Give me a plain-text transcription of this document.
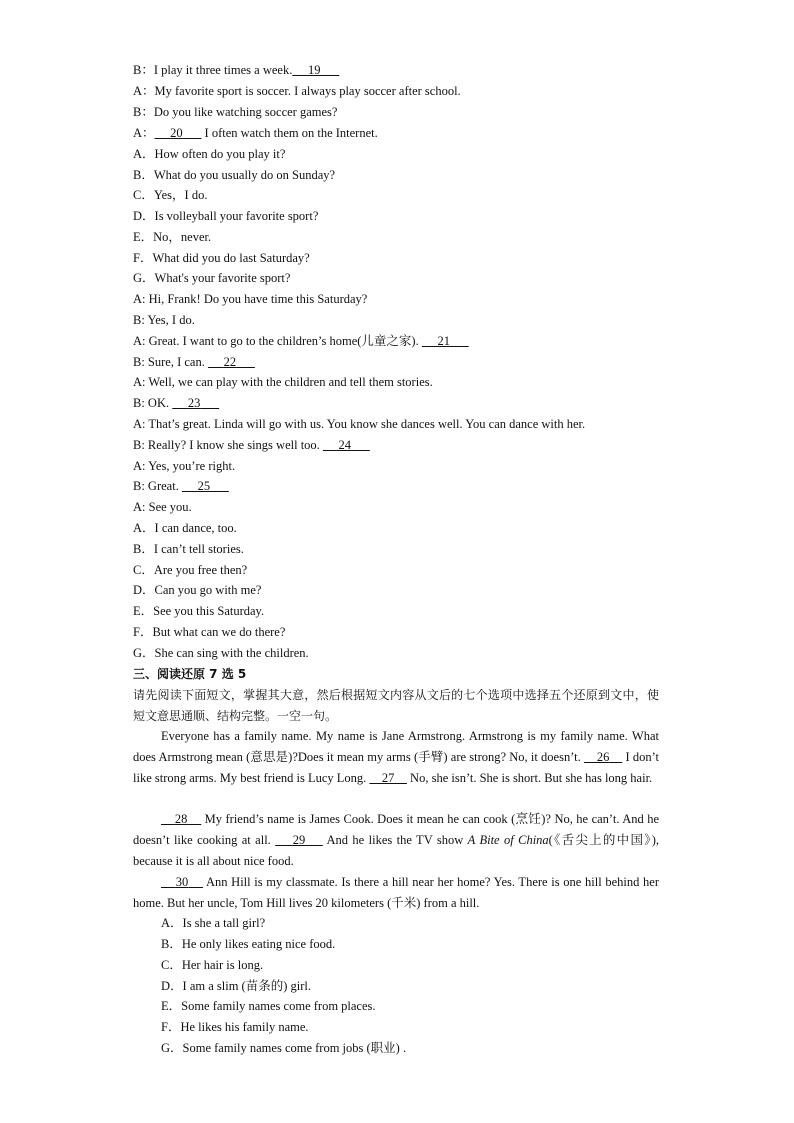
B：I play it three times a week. 19
A：My favorite sport is soccer. I always play soccer after school.
B：Do you like watching soccer games?
A： 20       I often watch them on the Internet.
A．How often do you play it?
B．What do you usually do on Sunday?
C．Yes，I do.
D．Is volleyball your favorite sport?
E．No，never.
F．What did you do last Saturday?
G．What's your favorite sport?
A: Hi, Frank! Do you have time this Saturday?
B: Yes, I do.
A: Great. I want to go to the children’s home(儿童之家).      21
B: Sure, I can.      22
A: Well, we can play with the children and tell them stories.
B: OK.      23
A: That’s great. Linda will go with us. You know she dances well. You can dance with her.
B: Really? I know she sings well too.      24
A: Yes, you’re right.
B: Great.      25
A: See you.
A．I can dance, too.
B．I can’t tell stories.
C．Are you free then?
D．Can you go with me?
E．See you this Saturday.
F．But what can we do there?
G．She can sing with the children.
三、阅读还原 7 选 5
请先阅读下面短文，掌握其大意，然后根据短文内容从文后的七个选项中选择五个还原到文中，使短文意思通顺、结构完整。一空一句。
Everyone has a family name. My name is Jane Armstrong. Armstrong is my family name. What does Armstrong mean (意思是)?Does it mean my arms (手臂) are strong? No, it doesn’t.     26     I don’t like strong arms. My best friend is Lucy Long.     27     No, she isn’t. She is short. But she has long hair.
28     My friend’s name is James Cook. Does it mean he can cook (烹饪)? No, he can’t. And he doesn’t like cooking at all.     29     And he likes the TV show A Bite of China(《舌尖上的中国》), because it is all about nice food.
30     Ann Hill is my classmate. Is there a hill near her home? Yes. There is one hill behind her home. But her uncle, Tom Hill lives 20 kilometers (千米) from a hill.
A．Is she a tall girl?
B．He only likes eating nice food.
C．Her hair is long.
D．I am a slim (苗条的) girl.
E．Some family names come from places.
F．He likes his family name.
G．Some family names come from jobs (职业) .
